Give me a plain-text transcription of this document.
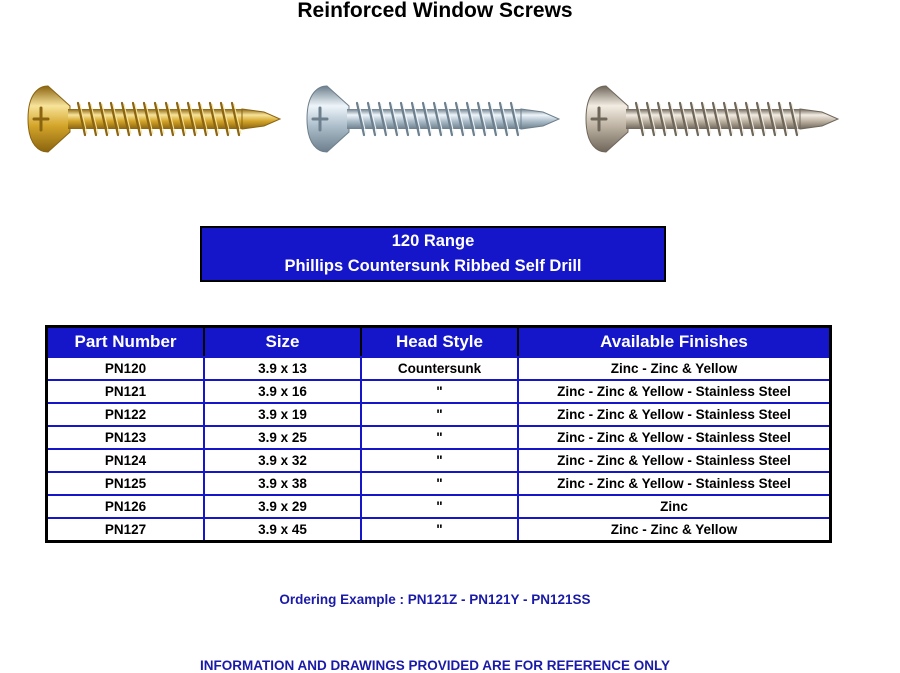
Reinforced Window Screws
120 Range
Phillips Countersunk Ribbed Self Drill
Part Number	Size	Head Style	Available Finishes
PN120	3.9 x 13	Countersunk	Zinc - Zinc & Yellow
PN121	3.9 x 16	"	Zinc - Zinc & Yellow - Stainless Steel
PN122	3.9 x 19	"	Zinc - Zinc & Yellow - Stainless Steel
PN123	3.9 x 25	"	Zinc - Zinc & Yellow - Stainless Steel
PN124	3.9 x 32	"	Zinc - Zinc & Yellow - Stainless Steel
PN125	3.9 x 38	"	Zinc - Zinc & Yellow - Stainless Steel
PN126	3.9 x 29	"	Zinc
PN127	3.9 x 45	"	Zinc - Zinc & Yellow
Ordering Example : PN121Z - PN121Y - PN121SS
INFORMATION AND DRAWINGS PROVIDED ARE FOR REFERENCE ONLY
